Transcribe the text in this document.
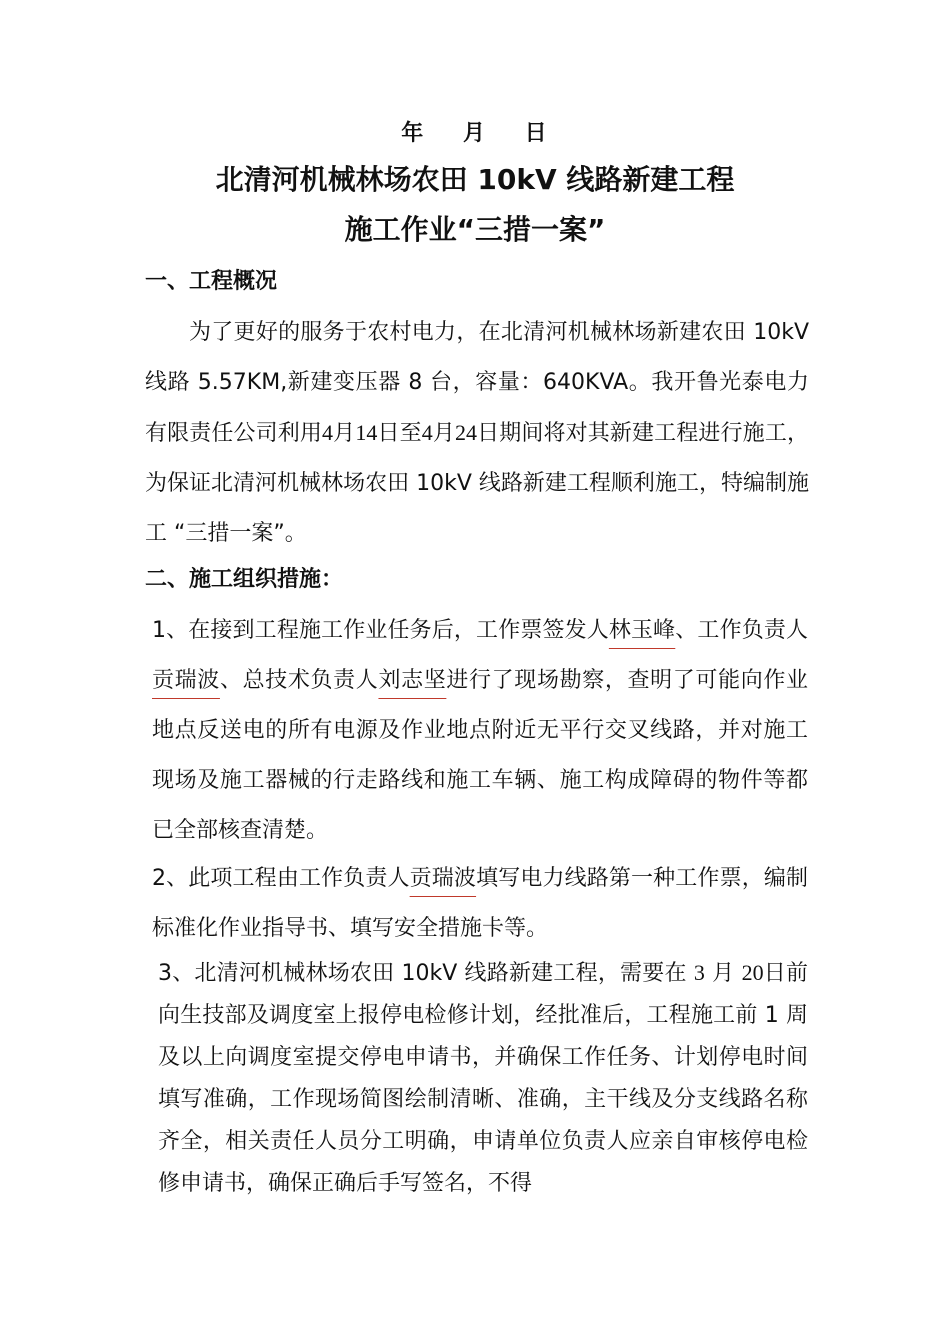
年 月 日
北清河机械林场农田 10kV 线路新建工程
施工作业“三措一案”
一、工程概况
为了更好的服务于农村电力，在北清河机械林场新建农田 10kV 线路 5.57KM,新建变压器 8 台，容量：640KVA。我开鲁光泰电力有限责任公司利用4月14日至4月24日期间将对其新建工程进行施工，为保证北清河机械林场农田 10kV 线路新建工程顺利施工，特编制施工 “三措一案”。
二、施工组织措施：
1、在接到工程施工作业任务后，工作票签发人林玉峰、工作负责人贡瑞波、总技术负责人刘志坚进行了现场勘察，查明了可能向作业地点反送电的所有电源及作业地点附近无平行交叉线路，并对施工现场及施工器械的行走路线和施工车辆、施工构成障碍的物件等都已全部核查清楚。
2、此项工程由工作负责人贡瑞波填写电力线路第一种工作票，编制标准化作业指导书、填写安全措施卡等。
3、北清河机械林场农田 10kV 线路新建工程，需要在 3 月 20日前向生技部及调度室上报停电检修计划，经批准后，工程施工前 1 周及以上向调度室提交停电申请书，并确保工作任务、计划停电时间填写准确，工作现场简图绘制清晰、准确，主干线及分支线路名称齐全，相关责任人员分工明确，申请单位负责人应亲自审核停电检修申请书，确保正确后手写签名，不得
